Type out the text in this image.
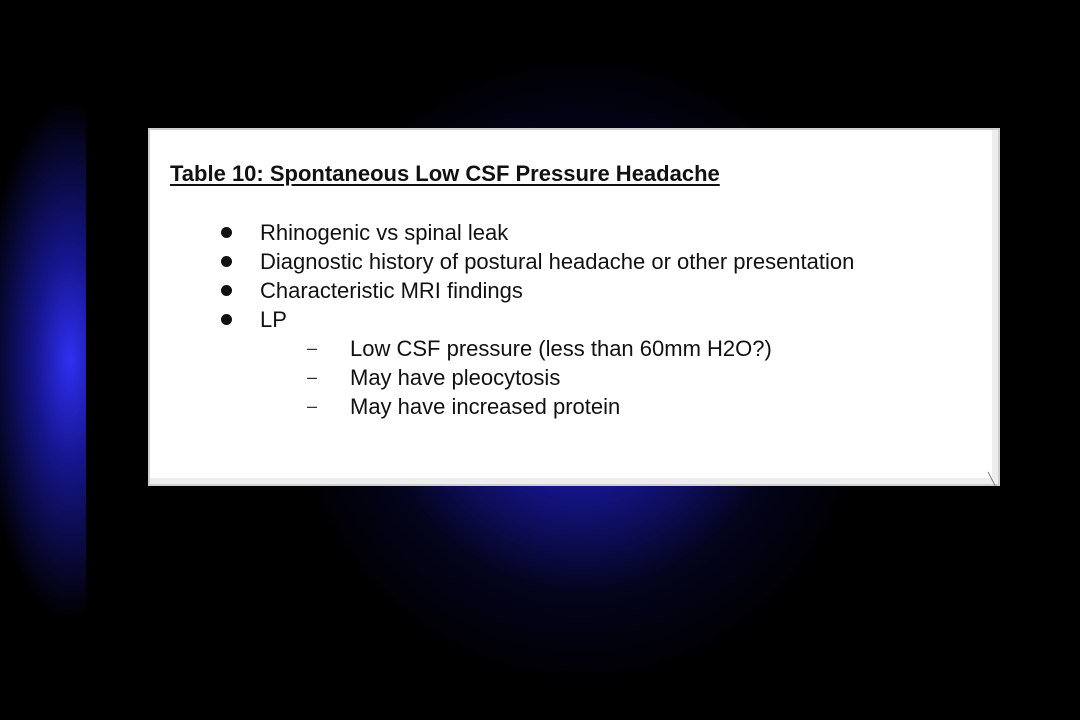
Table 10: Spontaneous Low CSF Pressure Headache
Rhinogenic vs spinal leak
Diagnostic history of postural headache or other presentation
Characteristic MRI findings
LP
– Low CSF pressure (less than 60mm H2O?)
– May have pleocytosis
– May have increased protein
╲
